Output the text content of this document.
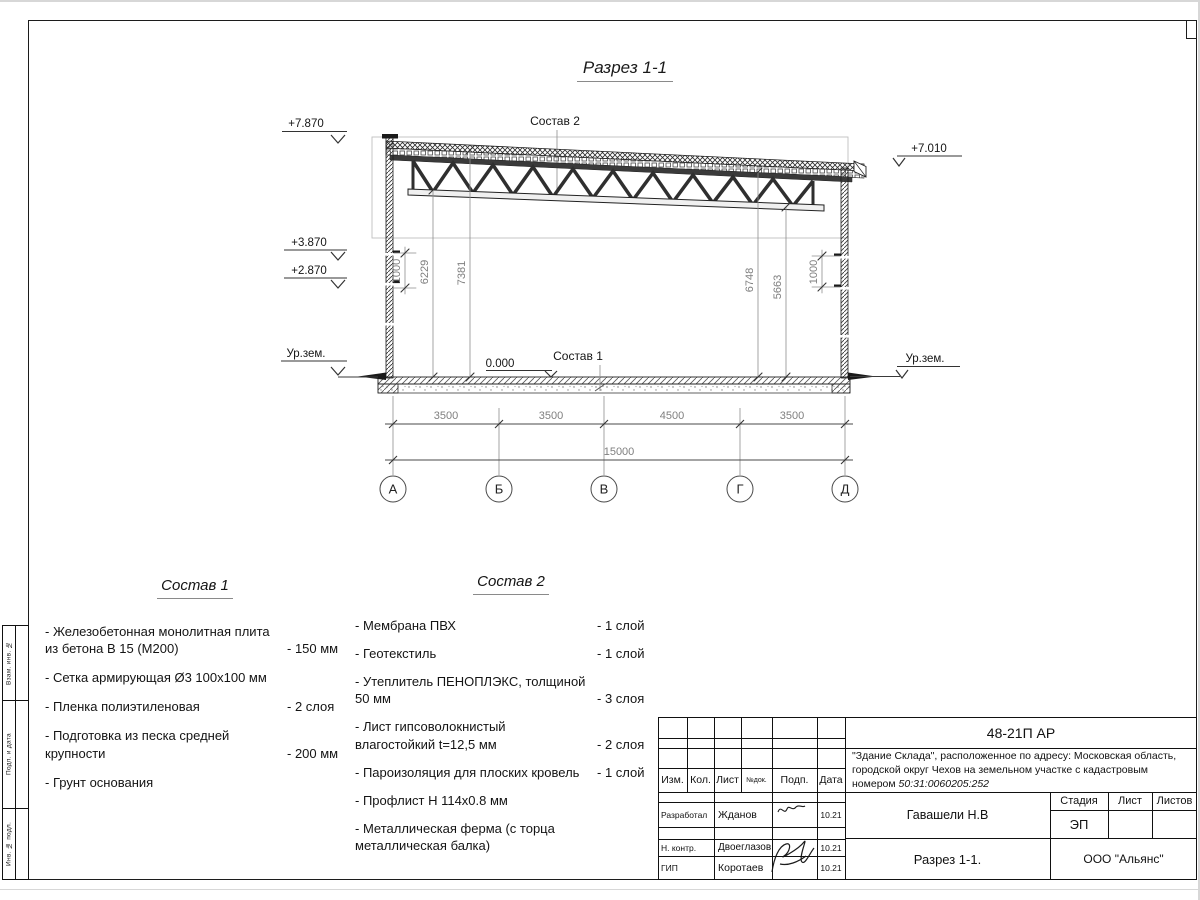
Взам. инв. №
Подп. и дата
Инв. № подл.
Состав 2
Состав 1
0.000
+7.870
+3.870
+2.870
Ур.зем.
+7.010
Ур.зем.
1000 6229 7381	6748 5663
1000
3500	3500	4500	3500
15000
А	Б	В	Г	Д
Разрез 1-1
Состав 1
- Железобетонная монолитная плита из бетона В 15 (М200)	- 150 мм
- Сетка армирующая Ø3 100х100 мм
- Пленка полиэтиленовая	- 2 слоя
- Подготовка из песка средней крупности	- 200 мм
- Грунт основания
Состав 2
- Мембрана ПВХ	- 1 слой
- Геотекстиль	- 1 слой
- Утеплитель ПЕНОПЛЭКС, толщиной 50 мм	- 3 слоя
- Лист гипсоволокнистый влагостойкий t=12,5 мм	- 2 слоя
- Пароизоляция для плоских кровель	- 1 слой
- Профлист Н 114х0.8 мм
- Металлическая ферма (с торца металлическая балка)
Изм. Кол. Лист	№док.	Подп.	Дата
Разработал	Жданов	10.21
Н. контр.	Двоеглазов	10.21
ГИП	Коротаев	10.21
48-21П АР
"Здание Склада", расположенное по адресу: Московская область,
городской округ Чехов на земельном участке с кадастровым
номером 50:31:0060205:252
Гавашели Н.В
Стадия	Лист	Листов
ЭП
Разрез 1-1.	ООО "Альянс"
